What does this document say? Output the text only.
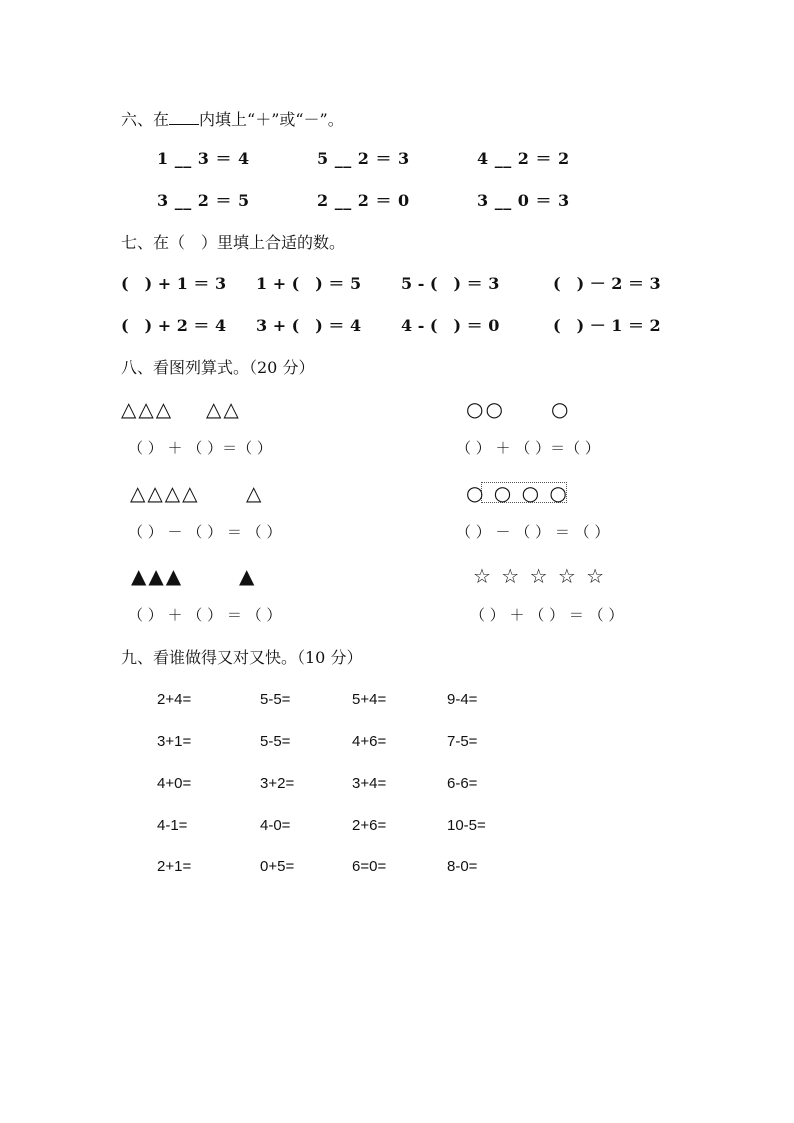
六、在 内填上“＋”或“－”。
1 __ 3 ＝ 4	5 __ 2 ＝ 3	4 __ 2 ＝ 2
3 __ 2 ＝ 5	2 __ 2 ＝ 0	3 __ 0 ＝ 3
七、在（　）里填上合适的数。
(　) + 1 ＝ 3 1 + (　) ＝ 5 5 - (　) ＝ 3	(　) － 2 ＝ 3
(　) + 2 ＝ 4 3 + (　) ＝ 4 4 - (　) ＝ 0	(　) － 1 ＝ 2
八、看图列算式。（20 分）
△△△ △△
（ ） ＋ （ ）＝（ ）
△△△△ △
（ ） － （ ） ＝ （ ）
▲▲▲	▲
（ ） ＋ （ ） ＝ （ ）
○○ ○
（ ） ＋ （ ）＝（ ）
○ ○ ○ ○
（ ） － （ ） ＝ （ ）
☆ ☆ ☆ ☆ ☆
（ ） ＋ （ ） ＝ （ ）
九、看谁做得又对又快。（10 分）
2+4=	5-5=	5+4=	9-4=
3+1=	5-5=	4+6=	7-5=
4+0=	3+2=	3+4=	6-6=
4-1=	4-0=	2+6=	10-5=
2+1=	0+5=	6=0=	8-0=
